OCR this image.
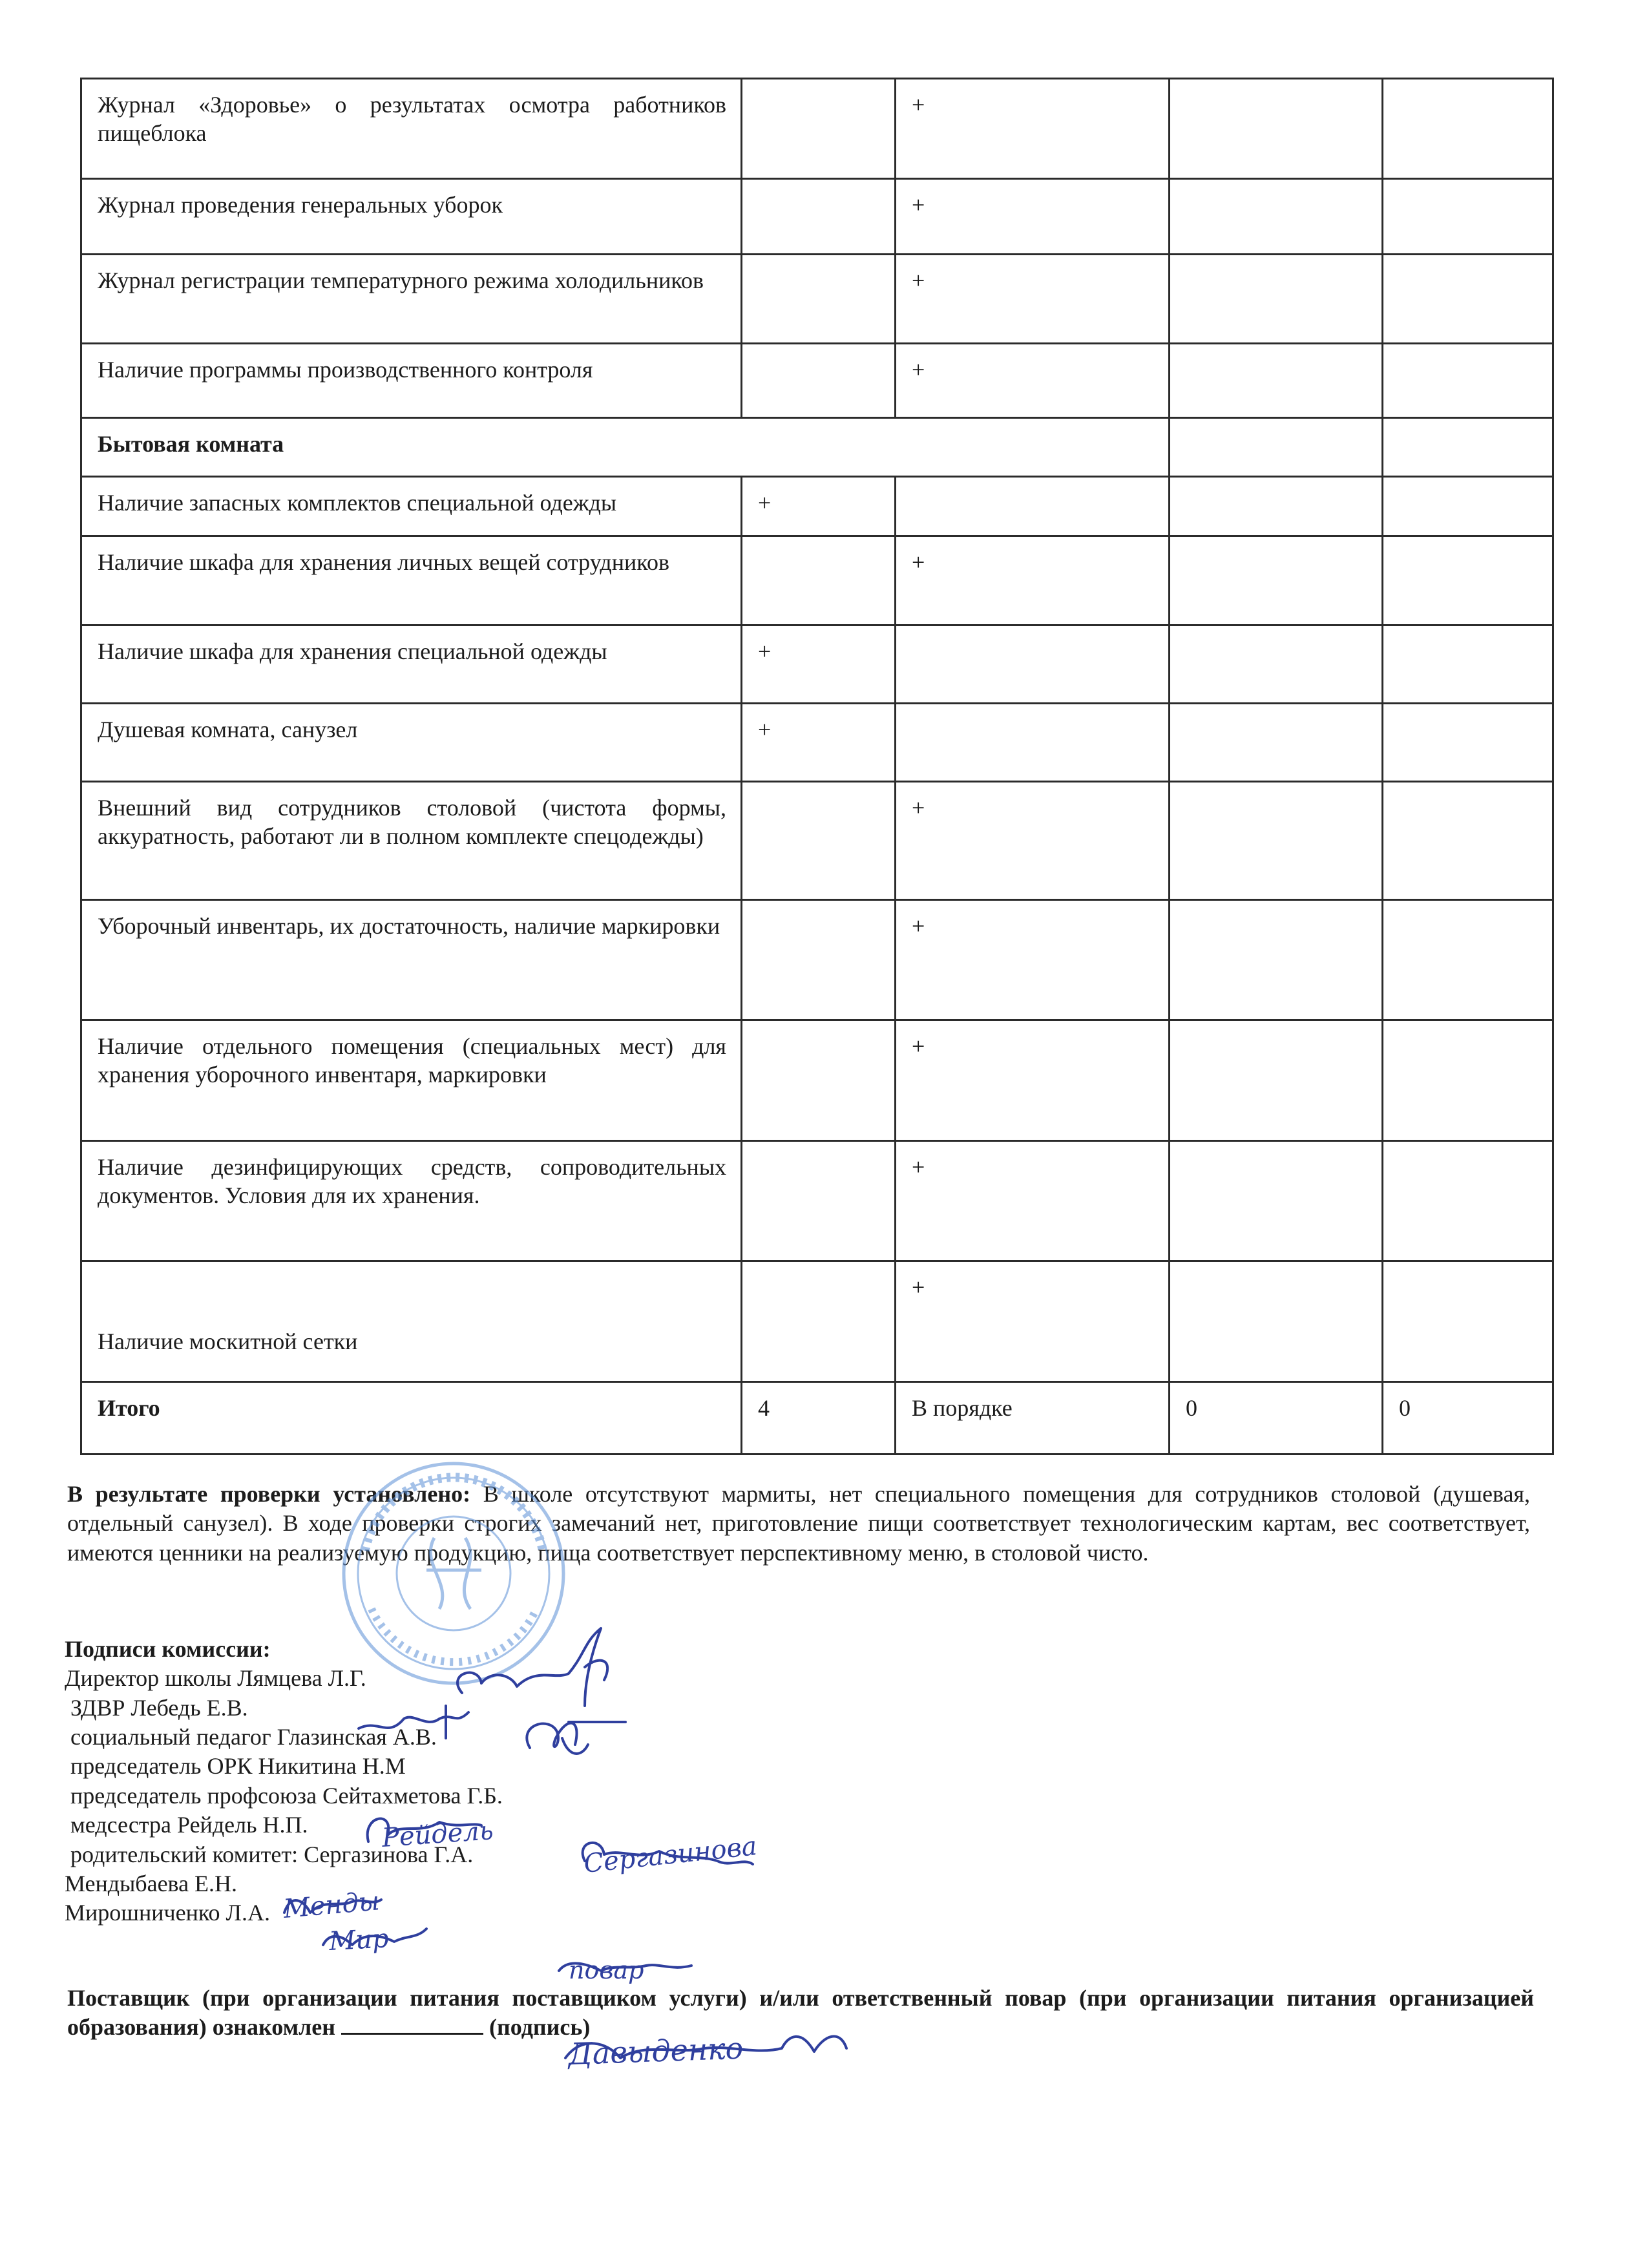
Журнал «Здоровье» о результатах осмотра работников пищеблока		+		
Журнал проведения генеральных уборок		+		
Журнал регистрации температурного режима холодильников		+		
Наличие программы производственного контроля		+		
Бытовая комната				
Наличие запасных комплектов специальной одежды	+			
Наличие шкафа для хранения личных вещей сотрудников		+		
Наличие шкафа для хранения специальной одежды	+			
Душевая комната, санузел	+			
Внешний вид сотрудников столовой (чистота формы, аккуратность, работают ли в полном комплекте спецодежды)		+		
Уборочный инвентарь, их достаточность, наличие маркировки		+		
Наличие отдельного помещения (специальных мест) для хранения уборочного инвентаря, маркировки		+		
Наличие дезинфицирующих средств, сопроводительных документов. Условия для их хранения.		+		
Наличие москитной сетки		+		
Итого	4	В порядке	0	0
В результате проверки установлено: В школе отсутствуют мармиты, нет специального помещения для сотрудников столовой (душевая, отдельный санузел). В ходе проверки строгих замечаний нет, приготовление пищи соответствует технологическим картам, вес соответствует, имеются ценники на реализуемую продукцию, пища соответствует перспективному меню, в столовой чисто.
Подписи комиссии:
Директор школы Лямцева Л.Г.
ЗДВР Лебедь Е.В.
социальный педагог Глазинская А.В.
председатель ОРК Никитина Н.М
председатель профсоюза Сейтахметова Г.Б.
медсестра Рейдель Н.П.
родительский комитет: Сергазинова Г.А.
Мендыбаева Е.Н.
Мирошниченко Л.А.
Поставщик (при организации питания поставщиком услуги) и/или ответственный повар (при организации питания организацией образования) ознакомлен	(подпись)
Рейдель	Сергазинова
Менды
Мир
повар
Давыденко
